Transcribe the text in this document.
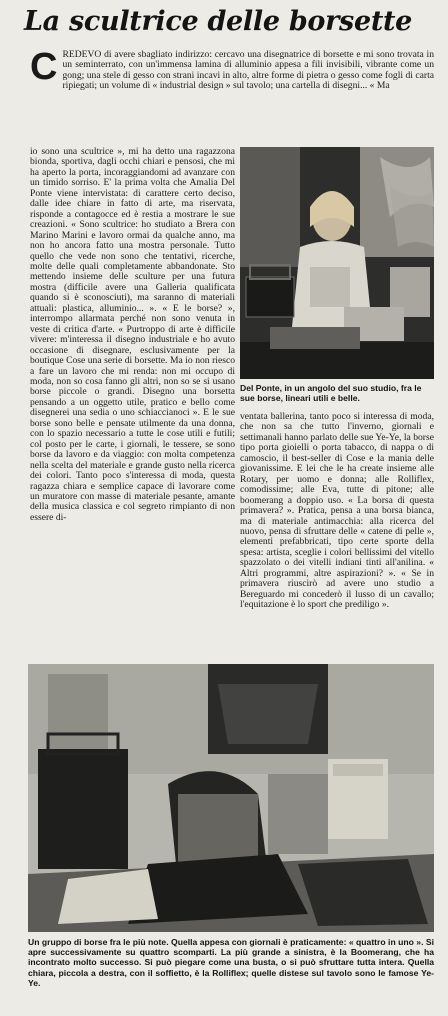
La scultrice delle borsette
C REDEVO di avere sbagliato indirizzo: cercavo una disegnatrice di borsette e mi sono trovata in un seminterrato, con un'immensa lamina di alluminio appesa a fili invisibili, vibrante come un gong; una stele di gesso con strani incavi in alto, altre forme di pietra o gesso come fogli di carta ripiegati; un volume di « industrial design » sul tavolo; una cartella di disegni... « Ma

io sono una scultrice », mi ha detto una ragazzona bionda, sportiva, dagli occhi chiari e pensosi, che mi ha aperto la porta, incoraggiandomi ad avanzare con un timido sorriso. E' la prima volta che Amalia Del Ponte viene intervistata: di carattere certo deciso, dalle idee chiare in fatto di arte, ma riservata, risponde a contagocce ed è restia a mostrare le sue creazioni. « Sono scultrice: ho studiato a Brera con Marino Marini e lavoro ormai da qualche anno, ma non ho ancora fatto una mostra personale. Tutto quello che vede non sono che tentativi, ricerche, molte delle quali completamente abbandonate. Sto mettendo insieme delle sculture per una futura mostra (difficile avere una Galleria qualificata quando si è sconosciuti), ma saranno di materiali attuali: plastica, alluminio... ». « E le borse? », interrompo allarmata perché non sono venuta in veste di critica d'arte. « Purtroppo di arte è difficile vivere: m'interessa il disegno industriale e ho avuto occasione di disegnare, esclusivamente per la boutique Cose una serie di borsette. Ma io non riesco a fare un lavoro che mi renda: non mi occupo di moda, non so cosa fanno gli altri, non so se si usano borse piccole o grandi. Disegno una borsetta pensando a un oggetto utile, pratico e bello come disegnerei una sedia o uno schiaccianoci ». E le sue borse sono belle e pensate utilmente da una donna, con lo spazio necessario a tutte le cose utili e futili; col posto per le carte, i giornali, le tessere, se sono borse da lavoro e da viaggio: con molta competenza nella scelta del materiale e grande gusto nella ricerca dei colori. Tanto poco s'interessa di moda, questa ragazza chiara e semplice capace di lavorare come un muratore con masse di materiale pesante, amante della musica classica e col segreto rimpianto di non essere di-

Del Ponte, in un angolo del suo studio, fra le sue borse, lineari utili e belle.

ventata ballerina, tanto poco si interessa di moda, che non sa che tutto l'inverno, giornali e settimanali hanno parlato delle sue Ye-Ye, la borse tipo porta gioielli o porta tabacco, di nappa o di camoscio, il best-seller di Cose e la mania delle giovanissime. E lei che le ha create insieme alle Rotary, per uomo e donna; alle Rolliflex, comodissime; alle Eva, tutte di pitone; alle boomerang a doppio uso. « La borsa di questa primavera? ». Pratica, pensa a una borsa bianca, ma di materiale antimacchia: alla ricerca del nuovo, pensa di sfruttare delle « catene di pelle », elementi prefabbricati, tipo certe sporte della spesa: artista, sceglie i colori bellissimi del vitello spazzolato o dei vitelli indiani tinti all'anilina. « Altri programmi, altre aspirazioni? ». « Se in primavera riuscirò ad avere uno studio a Bereguardo mi concederò il lusso di un cavallo; l'equitazione è lo sport che prediligo ».

Un gruppo di borse fra le più note. Quella appesa con giornali è praticamente: « quattro in uno ». Si apre successivamente su quattro scomparti. La più grande a sinistra, è la Boomerang, che ha incontrato molto successo. Si può piegare come una busta, o si può sfruttare tutta intera. Quella chiara, piccola a destra, con il soffietto, è la Rolliflex; quelle distese sul tavolo sono le famose Ye-Ye.
